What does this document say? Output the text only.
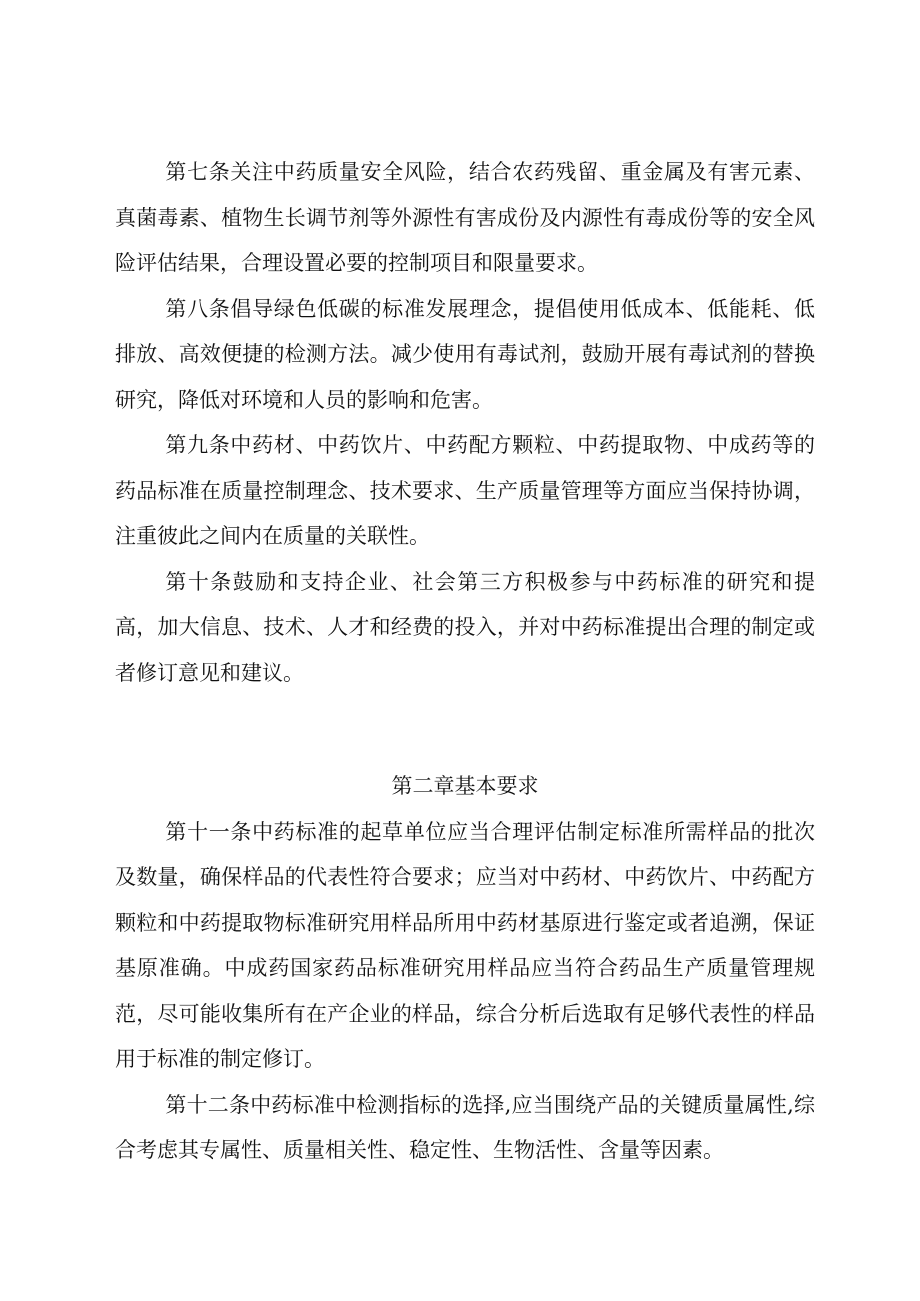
第七条关注中药质量安全风险，结合农药残留、重金属及有害元素、真菌毒素、植物生长调节剂等外源性有害成份及内源性有毒成份等的安全风险评估结果，合理设置必要的控制项目和限量要求。

第八条倡导绿色低碳的标准发展理念，提倡使用低成本、低能耗、低排放、高效便捷的检测方法。减少使用有毒试剂，鼓励开展有毒试剂的替换研究，降低对环境和人员的影响和危害。

第九条中药材、中药饮片、中药配方颗粒、中药提取物、中成药等的药品标准在质量控制理念、技术要求、生产质量管理等方面应当保持协调，注重彼此之间内在质量的关联性。

第十条鼓励和支持企业、社会第三方积极参与中药标准的研究和提高，加大信息、技术、人才和经费的投入，并对中药标准提出合理的制定或者修订意见和建议。

第二章基本要求

第十一条中药标准的起草单位应当合理评估制定标准所需样品的批次及数量，确保样品的代表性符合要求；应当对中药材、中药饮片、中药配方颗粒和中药提取物标准研究用样品所用中药材基原进行鉴定或者追溯，保证基原准确。中成药国家药品标准研究用样品应当符合药品生产质量管理规范，尽可能收集所有在产企业的样品，综合分析后选取有足够代表性的样品用于标准的制定修订。

第十二条中药标准中检测指标的选择,应当围绕产品的关键质量属性,综合考虑其专属性、质量相关性、稳定性、生物活性、含量等因素。
